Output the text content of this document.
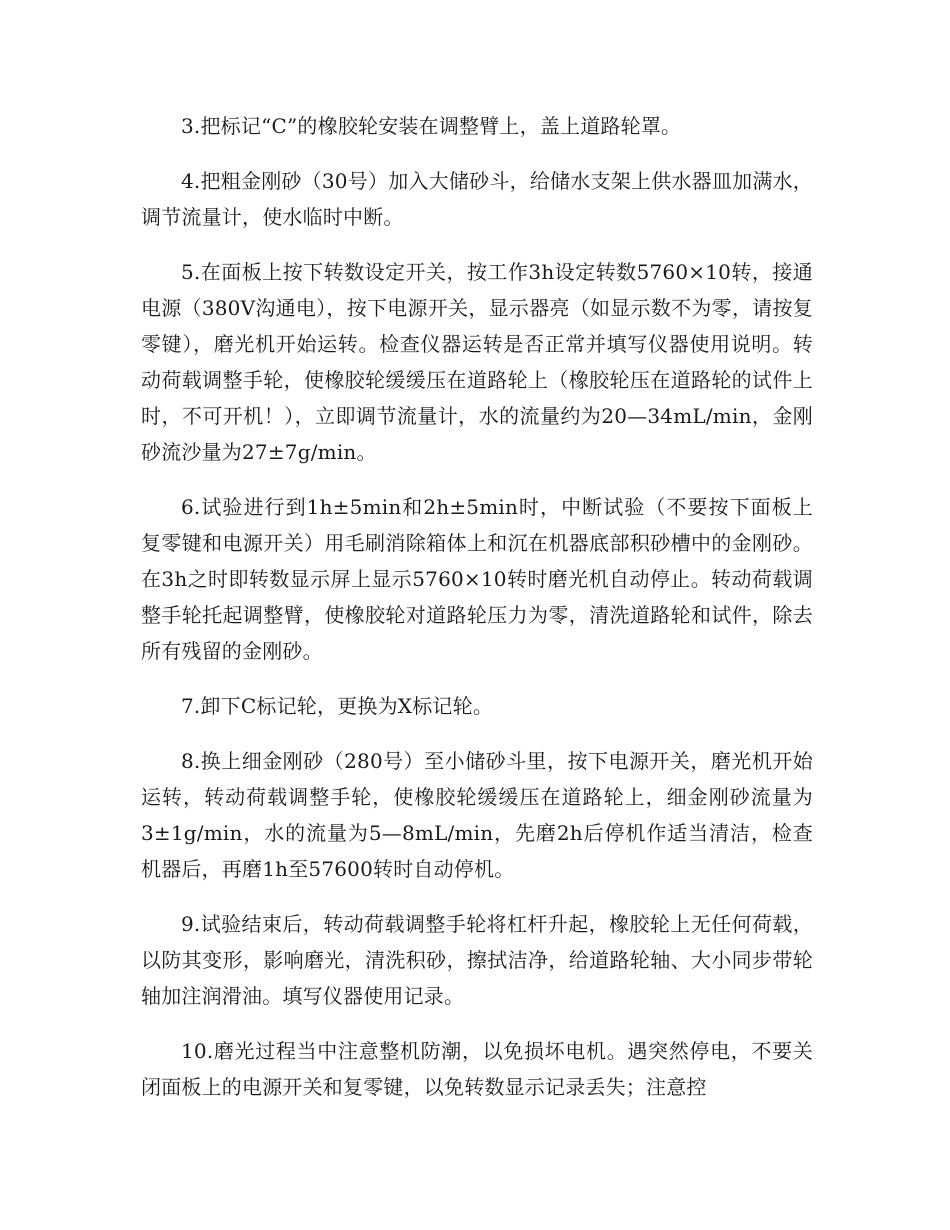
3.把标记“C”的橡胶轮安装在调整臂上，盖上道路轮罩。

4.把粗金刚砂（30号）加入大储砂斗，给储水支架上供水器皿加满水，调节流量计，使水临时中断。

5.在面板上按下转数设定开关，按工作3h设定转数5760×10转，接通电源（380V沟通电），按下电源开关，显示器亮（如显示数不为零，请按复零键），磨光机开始运转。检查仪器运转是否正常并填写仪器使用说明。转动荷载调整手轮，使橡胶轮缓缓压在道路轮上（橡胶轮压在道路轮的试件上时，不可开机！），立即调节流量计，水的流量约为20—34mL/min，金刚砂流沙量为27±7g/min。

6.试验进行到1h±5min和2h±5min时，中断试验（不要按下面板上复零键和电源开关）用毛刷消除箱体上和沉在机器底部积砂槽中的金刚砂。在3h之时即转数显示屏上显示5760×10转时磨光机自动停止。转动荷载调整手轮托起调整臂，使橡胶轮对道路轮压力为零，清洗道路轮和试件，除去所有残留的金刚砂。

7.卸下C标记轮，更换为X标记轮。

8.换上细金刚砂（280号）至小储砂斗里，按下电源开关，磨光机开始运转，转动荷载调整手轮，使橡胶轮缓缓压在道路轮上，细金刚砂流量为3±1g/min，水的流量为5—8mL/min，先磨2h后停机作适当清洁，检查机器后，再磨1h至57600转时自动停机。

9.试验结束后，转动荷载调整手轮将杠杆升起，橡胶轮上无任何荷载，以防其变形，影响磨光，清洗积砂，擦拭洁净，给道路轮轴、大小同步带轮轴加注润滑油。填写仪器使用记录。

10.磨光过程当中注意整机防潮，以免损坏电机。遇突然停电，不要关闭面板上的电源开关和复零键，以免转数显示记录丢失；注意控
